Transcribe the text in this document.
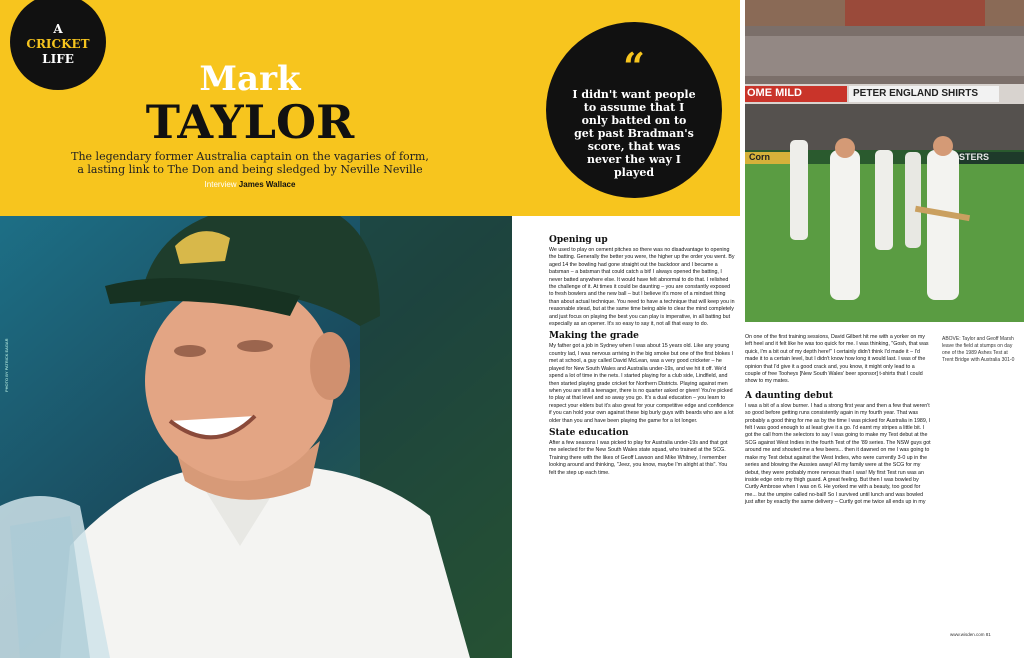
A
CRICKET
LIFE	Mark
TAYLOR
The legendary former Australia captain on the vagaries of form, a lasting link to The Don and being sledged by Neville Neville
Interview James Wallace
“
I didn't want people to assume that I only batted on to get past Bradman's score, that was never the way I played
PHOTO BY PATRICK EAGAR
OME MILD	PETER ENGLAND SHIRTS
Corn	STERS
ABOVE: Taylor and Geoff Marsh leave the field at stumps on day one of the 1989 Ashes Test at Trent Bridge with Australia 301-0
Opening up

We used to play on cement pitches so there was no disadvantage to opening the batting. Generally the better you were, the higher up the order you went. By aged 14 the bowling had gone straight out the backdoor and I became a batsman – a batsman that could catch a bit! I always opened the batting, I never batted anywhere else. It would have felt abnormal to do that. I relished the challenge of it. At times it could be daunting – you are constantly exposed to fresh bowlers and the new ball – but I believe it's more of a mindset thing than about actual technique. You need to have a technique that will keep you in reasonable stead, but at the same time being able to clear the mind completely and just focus on playing the best you can play is imperative, in all batting but especially as an opener. It's so easy to say it, not all that easy to do.

Making the grade

My father got a job in Sydney when I was about 15 years old. Like any young country lad, I was nervous arriving in the big smoke but one of the first blokes I met at school, a guy called David McLean, was a very good cricketer – he played for New South Wales and Australia under-19s, and we hit it off. We'd spend a lot of time in the nets. I started playing for a club side, Lindfield, and then started playing grade cricket for Northern Districts. Playing against men when you are still a teenager, there is no quarter asked or given! You're picked to play at that level and so away you go. It's a dual education – you learn to respect your elders but it's also great for your competitive edge and confidence if you can hold your own against these big burly guys with beards who are a lot older than you and have been playing the game for a lot longer.

State education

After a few seasons I was picked to play for Australia under-19s and that got me selected for the New South Wales state squad, who trained at the SCG. Training there with the likes of Geoff Lawson and Mike Whitney, I remember looking around and thinking, "Jeez, you know, maybe I'm alright at this". You felt the step up each time.

On one of the first training sessions, David Gilbert hit me with a yorker on my left heel and it felt like he was too quick for me. I was thinking, "Gosh, that was quick, I'm a bit out of my depth here!" I certainly didn't think I'd made it – I'd made it to a certain level, but I didn't know how long it would last. I was of the opinion that I'd give it a good crack and, you know, it might only lead to a couple of free Tooheys [New South Wales' beer sponsor] t-shirts that I could show to my mates.

A daunting debut

I was a bit of a slow burner. I had a strong first year and then a few that weren't so good before getting runs consistently again in my fourth year. That was probably a good thing for me as by the time I was picked for Australia in 1989, I felt I was good enough to at least give it a go. I'd earnt my stripes a little bit. I got the call from the selectors to say I was going to make my Test debut at the SCG against West Indies in the fourth Test of the '89 series. The NSW guys got around me and shouted me a few beers... then it dawned on me I was going to make my Test debut against the West Indies, who were currently 3-0 up in the series and blowing the Aussies away! All my family were at the SCG for my debut, they were probably more nervous than I was! My first Test run was an inside edge onto my thigh guard. A great feeling. But then I was bowled by Curtly Ambrose when I was on 6. He yorked me with a beauty, too good for me... but the umpire called no-ball! So I survived until lunch and was bowled just after by exactly the same delivery – Curtly got me twice all ends up in my

www.wisden.com 81
